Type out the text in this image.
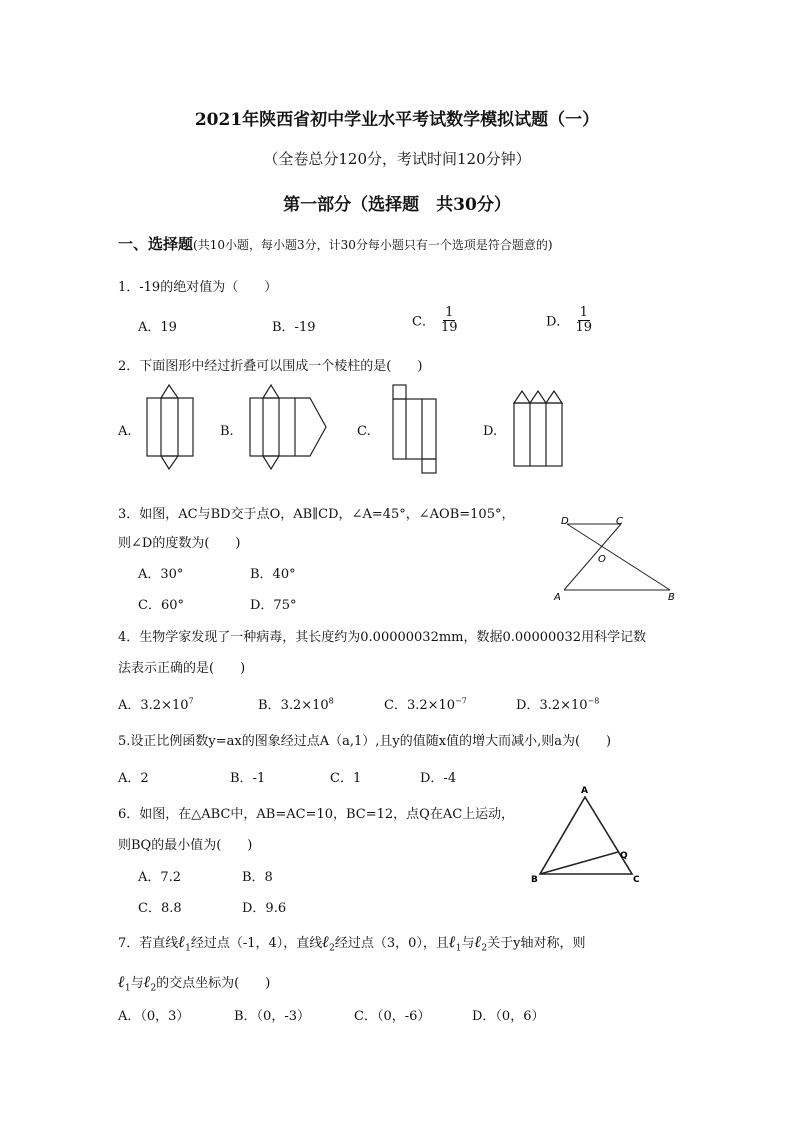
2021年陕西省初中学业水平考试数学模拟试题（一）
（全卷总分120分，考试时间120分钟）
第一部分（选择题　共30分）
一、选择题(共10小题，每小题3分，计30分每小题只有一个选项是符合题意的)
1．-19的绝对值为（　　）
A．19	B．-19	C． $\frac{1}{19}$	D． $\frac{1}{19}$
2．下面图形中经过折叠可以围成一个棱柱的是(　　)
A.	B.	C.	D.
3．如图，AC与BD交于点O，AB∥CD，∠A=45°，∠AOB=105°，
则∠D的度数为(　　)
A．30°	B．40°
C．60°	D．75°
D	C
O
A	B
4．生物学家发现了一种病毒，其长度约为0.00000032mm，数据0.00000032用科学记数
法表示正确的是(　　)
A．$3.2\times 10^7$	B．$3.2\times 10^8$	C．$3.2\times 10^{-7}$	D．$3.2\times 10^{-8}$
5.设正比例函数y=ax的图象经过点A（a,1）,且y的值随x值的增大而减小,则a为(　　)
A．2	B．-1	C．1	D．-4
6．如图，在△ABC中，AB=AC=10，BC=12，点Q在AC上运动，
则BQ的最小值为(　　)
A．7.2	B．8
C．8.8	D．9.6
A
B	C
Q
7．若直线ℓ$_1$经过点（-1，4），直线ℓ$_2$经过点（3，0），且ℓ$_1$与ℓ$_2$关于y轴对称，则
ℓ$_1$与ℓ$_2$的交点坐标为(　　)
A．（0，3）	B．（0，-3）	C．（0，-6）	D．（0，6）
